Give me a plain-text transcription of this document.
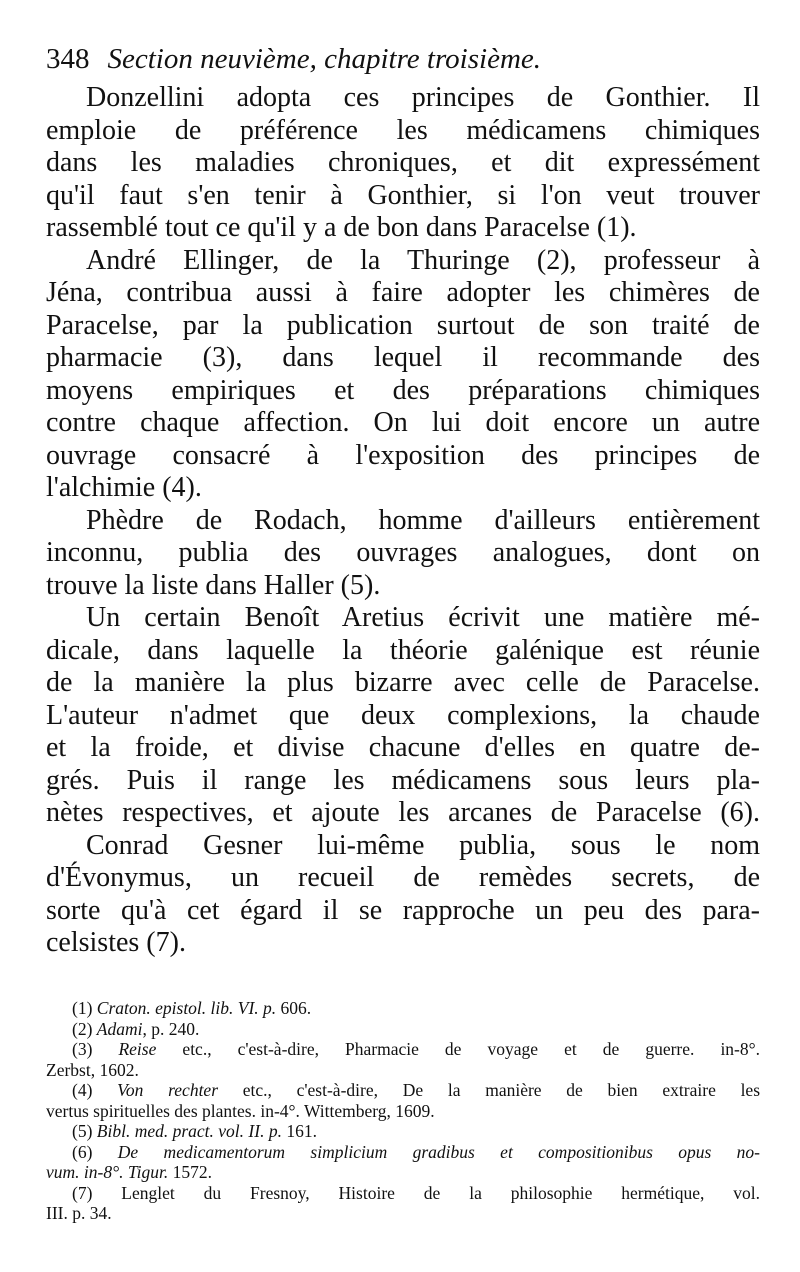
348 Section neuvième, chapitre troisième.
Donzellini adopta ces principes de Gonthier. Il
emploie de préférence les médicamens chimiques
dans les maladies chroniques, et dit expressément
qu'il faut s'en tenir à Gonthier, si l'on veut trouver
rassemblé tout ce qu'il y a de bon dans Paracelse (1).
André Ellinger, de la Thuringe (2), professeur à
Jéna, contribua aussi à faire adopter les chimères de
Paracelse, par la publication surtout de son traité de
pharmacie (3), dans lequel il recommande des
moyens empiriques et des préparations chimiques
contre chaque affection. On lui doit encore un autre
ouvrage consacré à l'exposition des principes de
l'alchimie (4).
Phèdre de Rodach, homme d'ailleurs entièrement
inconnu, publia des ouvrages analogues, dont on
trouve la liste dans Haller (5).
Un certain Benoît Aretius écrivit une matière mé-
dicale, dans laquelle la théorie galénique est réunie
de la manière la plus bizarre avec celle de Paracelse.
L'auteur n'admet que deux complexions, la chaude
et la froide, et divise chacune d'elles en quatre de-
grés. Puis il range les médicamens sous leurs pla-
nètes respectives, et ajoute les arcanes de Paracelse (6).
Conrad Gesner lui-même publia, sous le nom
d'Évonymus, un recueil de remèdes secrets, de
sorte qu'à cet égard il se rapproche un peu des para-
celsistes (7).
(1) Craton. epistol. lib. VI. p. 606.
(2) Adami, p. 240.
(3) Reise etc., c'est-à-dire, Pharmacie de voyage et de guerre. in-8°.
Zerbst, 1602.
(4) Von rechter etc., c'est-à-dire, De la manière de bien extraire les
vertus spirituelles des plantes. in-4°. Wittemberg, 1609.
(5) Bibl. med. pract. vol. II. p. 161.
(6) De medicamentorum simplicium gradibus et compositionibus opus no-
vum. in-8°. Tigur. 1572.
(7) Lenglet du Fresnoy, Histoire de la philosophie hermétique, vol.
III. p. 34.
